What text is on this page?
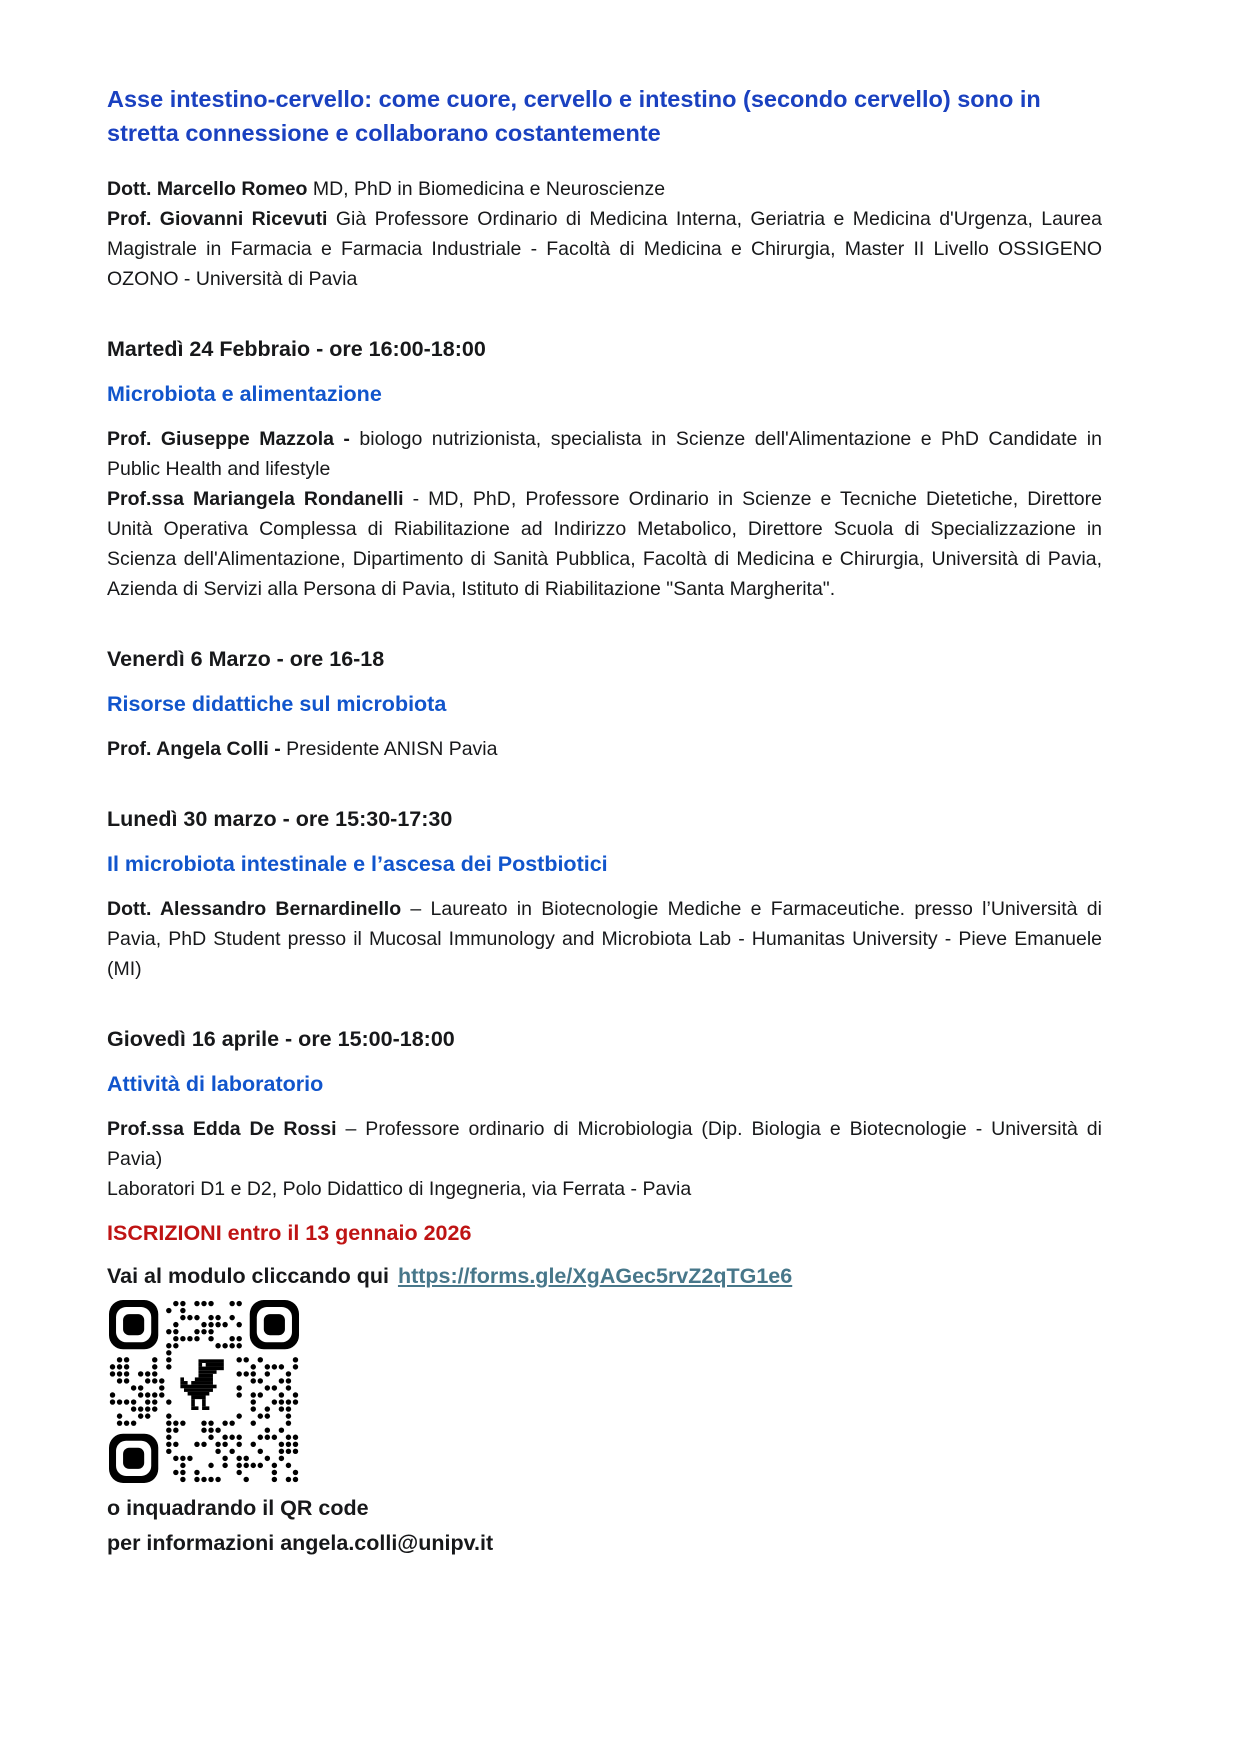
Asse intestino-cervello: come cuore, cervello e intestino (secondo cervello) sono in stretta connessione e collaborano costantemente

Dott. Marcello Romeo MD, PhD in Biomedicina e Neuroscienze

Prof. Giovanni Ricevuti Già Professore Ordinario di Medicina Interna, Geriatria e Medicina d'Urgenza, Laurea Magistrale in Farmacia e Farmacia Industriale - Facoltà di Medicina e Chirurgia, Master II Livello OSSIGENO OZONO - Università di Pavia

Martedì 24 Febbraio - ore 16:00-18:00
Microbiota e alimentazione

Prof. Giuseppe Mazzola - biologo nutrizionista, specialista in Scienze dell'Alimentazione e PhD Candidate in Public Health and lifestyle

Prof.ssa Mariangela Rondanelli - MD, PhD, Professore Ordinario in Scienze e Tecniche Dietetiche, Direttore Unità Operativa Complessa di Riabilitazione ad Indirizzo Metabolico, Direttore Scuola di Specializzazione in Scienza dell'Alimentazione, Dipartimento di Sanità Pubblica, Facoltà di Medicina e Chirurgia, Università di Pavia, Azienda di Servizi alla Persona di Pavia, Istituto di Riabilitazione "Santa Margherita".

Venerdì 6 Marzo - ore 16-18
Risorse didattiche sul microbiota

Prof. Angela Colli - Presidente ANISN Pavia

Lunedì 30 marzo - ore 15:30-17:30
Il microbiota intestinale e l’ascesa dei Postbiotici

Dott. Alessandro Bernardinello – Laureato in Biotecnologie Mediche e Farmaceutiche. presso l’Università di Pavia, PhD Student presso il Mucosal Immunology and Microbiota Lab - Humanitas University - Pieve Emanuele (MI)

Giovedì 16 aprile - ore 15:00-18:00
Attività di laboratorio

Prof.ssa Edda De Rossi – Professore ordinario di Microbiologia (Dip. Biologia e Biotecnologie - Università di Pavia)

Laboratori D1 e D2, Polo Didattico di Ingegneria, via Ferrata - Pavia

ISCRIZIONI entro il 13 gennaio 2026

Vai al modulo cliccando qui https://forms.gle/XgAGec5rvZ2qTG1e6

o inquadrando il QR code

per informazioni angela.colli@unipv.it
